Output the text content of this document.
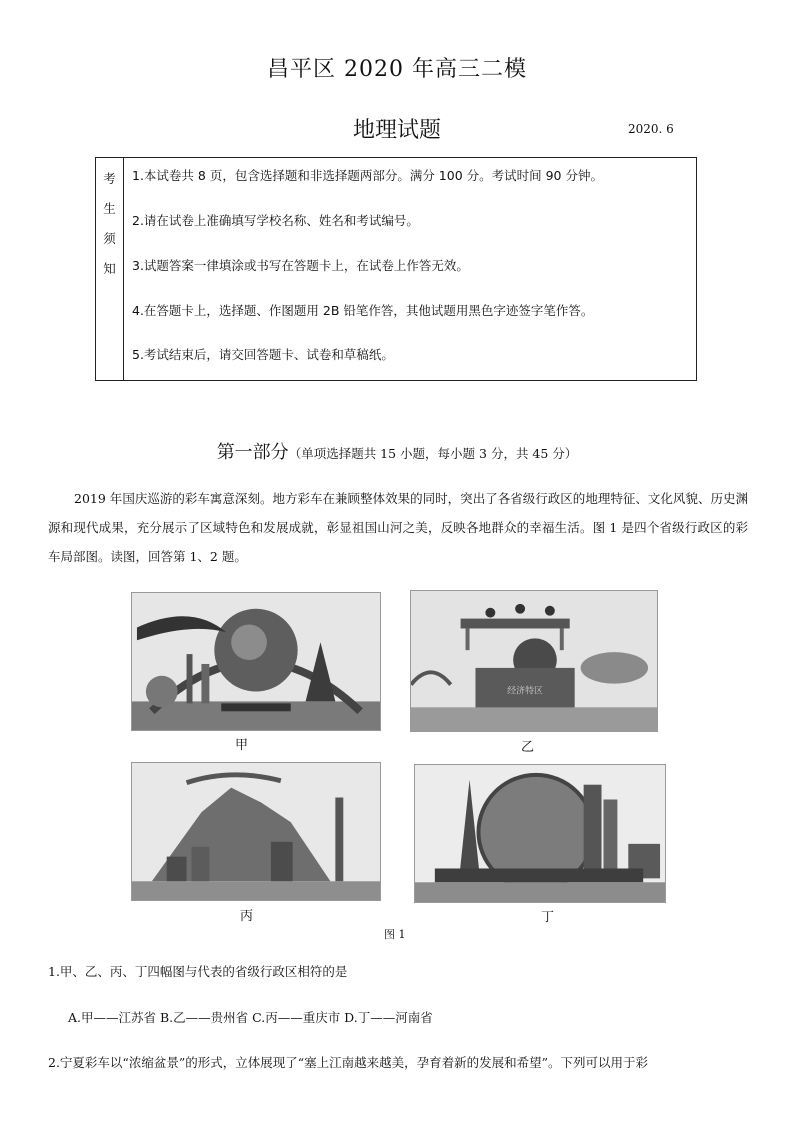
昌平区 2020 年高三二模
地理试题	2020. 6
考
生
须
知
1.本试卷共 8 页，包含选择题和非选择题两部分。满分 100 分。考试时间 90 分钟。
2.请在试卷上准确填写学校名称、姓名和考试编号。
3.试题答案一律填涂或书写在答题卡上，在试卷上作答无效。
4.在答题卡上，选择题、作图题用 2B 铅笔作答，其他试题用黑色字迹签字笔作答。
5.考试结束后，请交回答题卡、试卷和草稿纸。
第一部分（单项选择题共 15 小题，每小题 3 分，共 45 分）
2019 年国庆巡游的彩车寓意深刻。地方彩车在兼顾整体效果的同时，突出了各省级行政区的地理特征、文化风貌、历史渊源和现代成果，充分展示了区域特色和发展成就，彰显祖国山河之美，反映各地群众的幸福生活。图 1 是四个省级行政区的彩车局部图。读图，回答第 1、2 题。
甲
经济特区
乙
丙	丁
图 1
1.甲、乙、丙、丁四幅图与代表的省级行政区相符的是
A.甲——江苏省 B.乙——贵州省 C.丙——重庆市 D.丁——河南省
2.宁夏彩车以“浓缩盆景”的形式，立体展现了“塞上江南越来越美，孕育着新的发展和希望”。下列可以用于彩
